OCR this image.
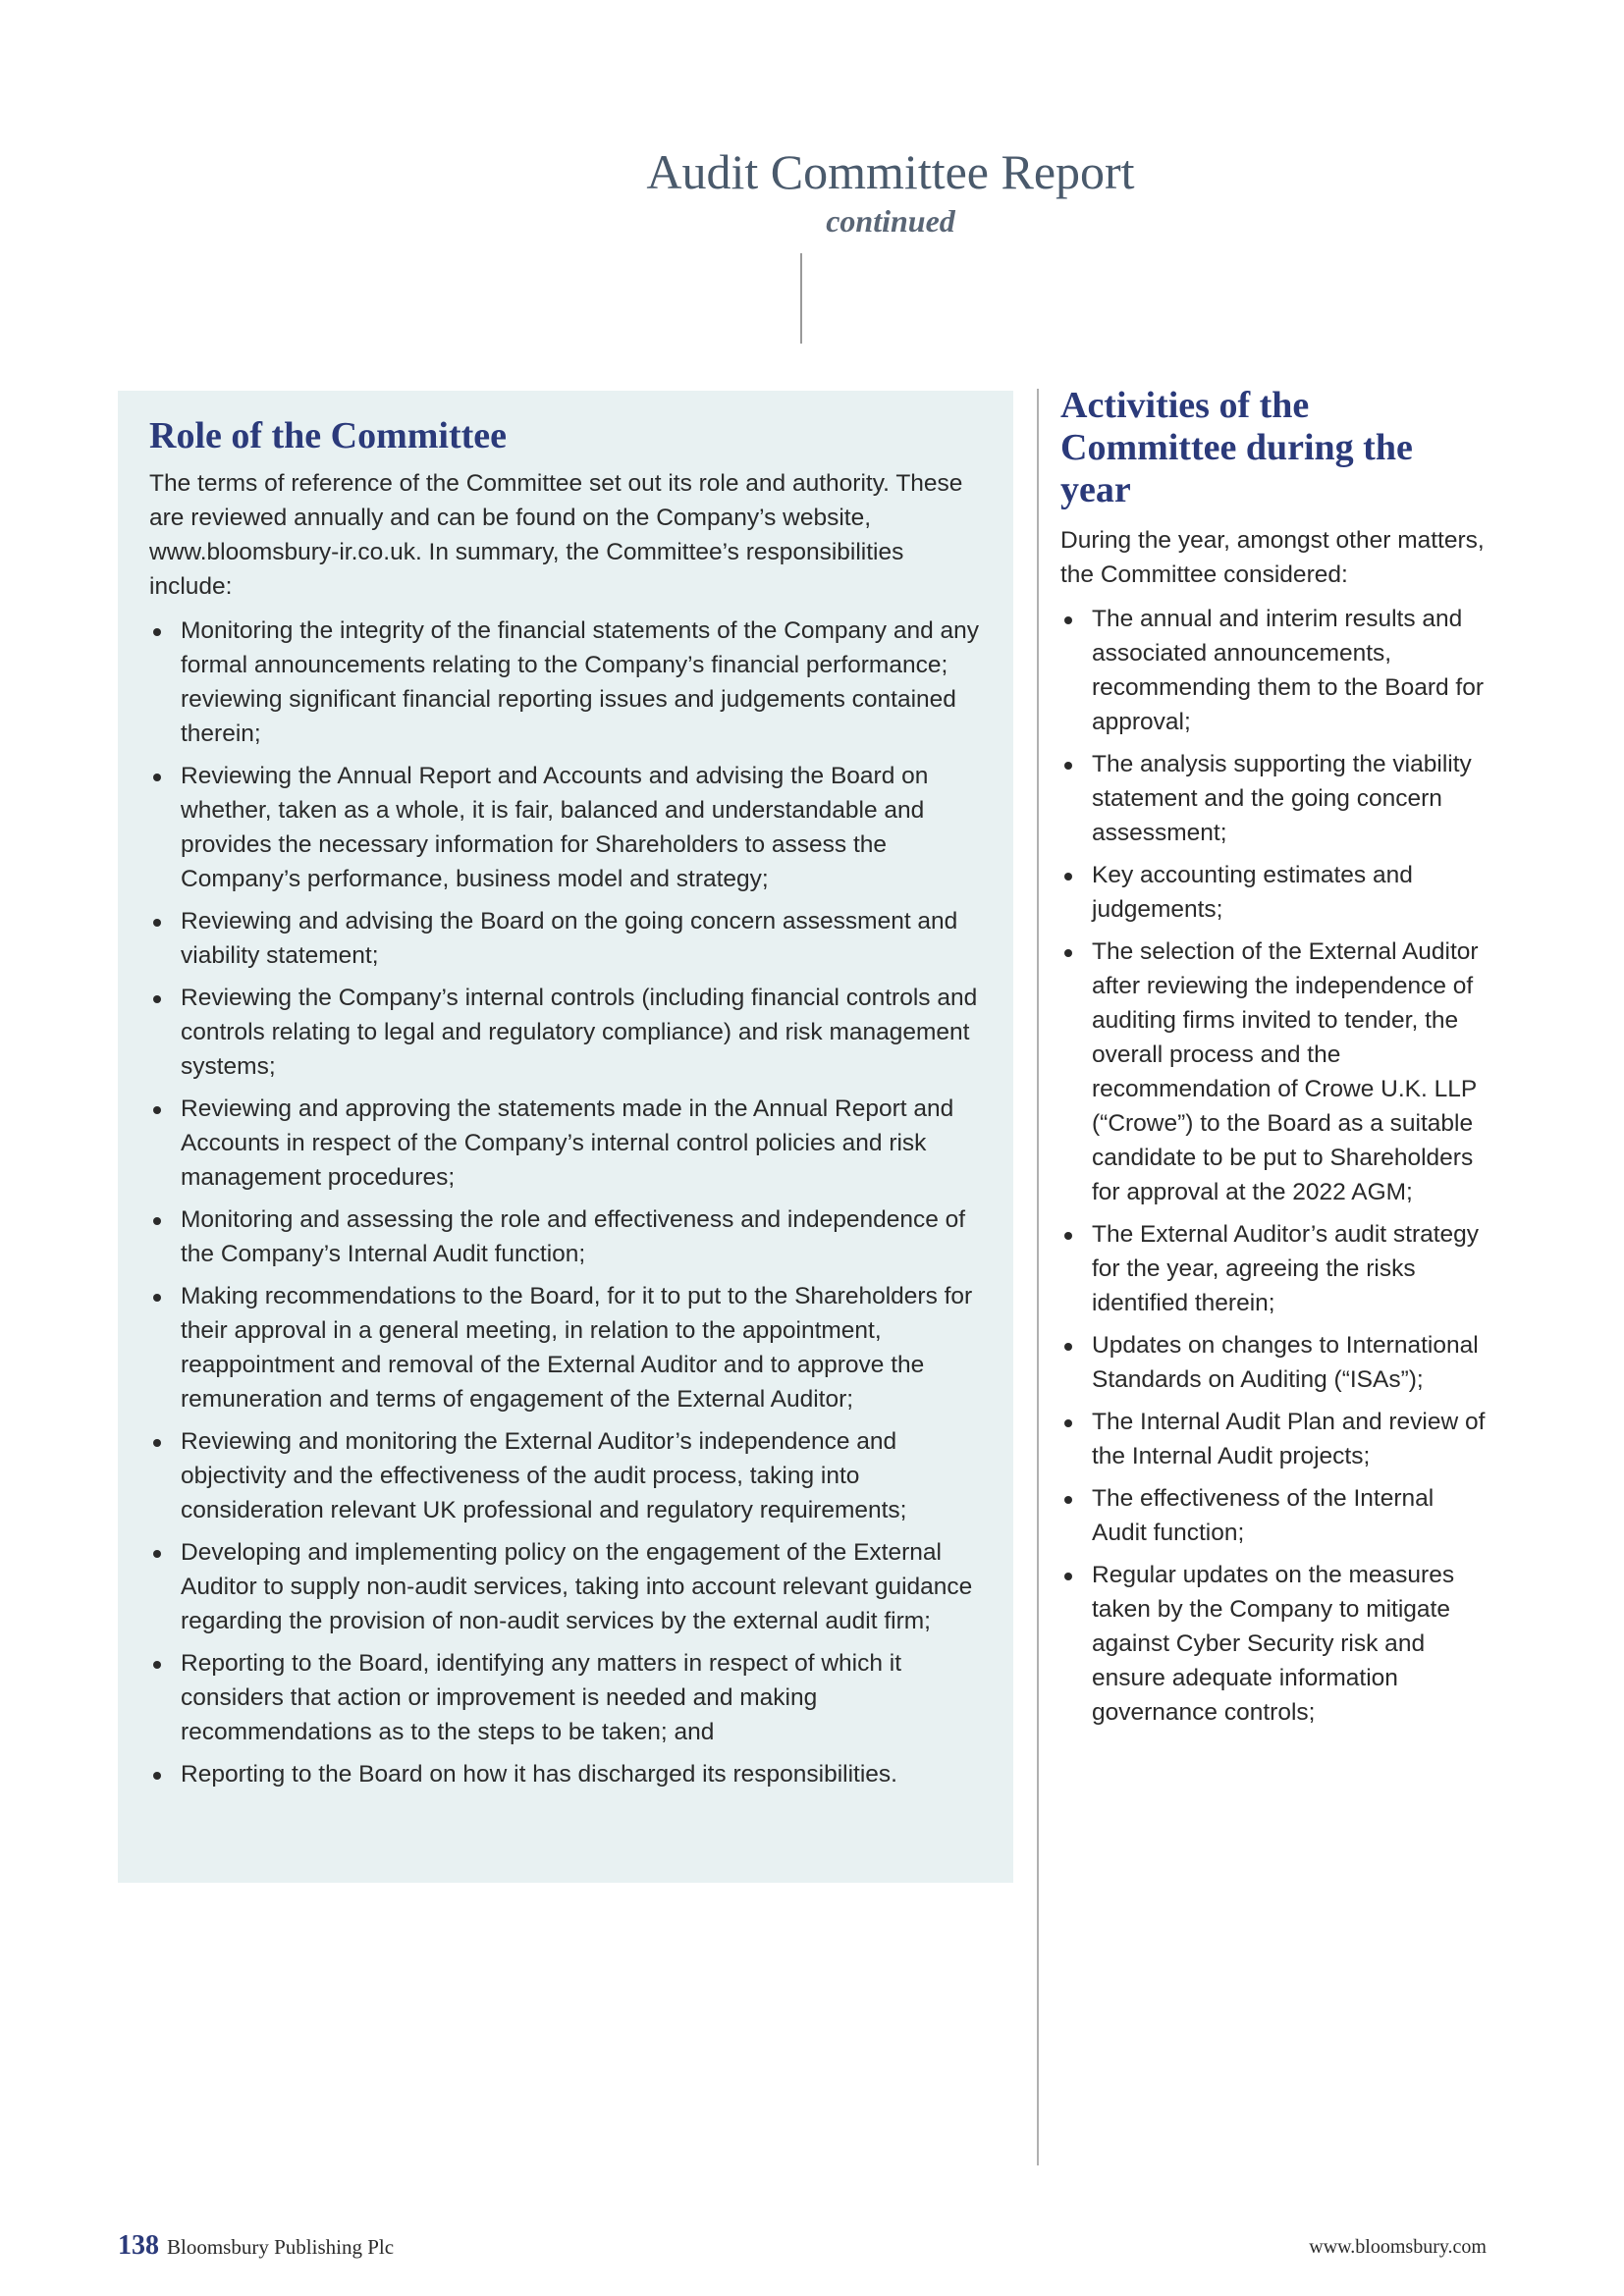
Audit Committee Report
continued
Role of the Committee

The terms of reference of the Committee set out its role and authority. These are reviewed annually and can be found on the Company’s website, www.bloomsbury-ir.co.uk. In summary, the Committee’s responsibilities include:

Monitoring the integrity of the financial statements of the Company and any formal announcements relating to the Company’s financial performance; reviewing significant financial reporting issues and judgements contained therein;
Reviewing the Annual Report and Accounts and advising the Board on whether, taken as a whole, it is fair, balanced and understandable and provides the necessary information for Shareholders to assess the Company’s performance, business model and strategy;
Reviewing and advising the Board on the going concern assessment and viability statement;
Reviewing the Company’s internal controls (including financial controls and controls relating to legal and regulatory compliance) and risk management systems;
Reviewing and approving the statements made in the Annual Report and Accounts in respect of the Company’s internal control policies and risk management procedures;
Monitoring and assessing the role and effectiveness and independence of the Company’s Internal Audit function;
Making recommendations to the Board, for it to put to the Shareholders for their approval in a general meeting, in relation to the appointment, reappointment and removal of the External Auditor and to approve the remuneration and terms of engagement of the External Auditor;
Reviewing and monitoring the External Auditor’s independence and objectivity and the effectiveness of the audit process, taking into consideration relevant UK professional and regulatory requirements;
Developing and implementing policy on the engagement of the External Auditor to supply non-audit services, taking into account relevant guidance regarding the provision of non-audit services by the external audit firm;
Reporting to the Board, identifying any matters in respect of which it considers that action or improvement is needed and making recommendations as to the steps to be taken; and
Reporting to the Board on how it has discharged its responsibilities.
Activities of the Committee during the year

During the year, amongst other matters, the Committee considered:

The annual and interim results and associated announcements, recommending them to the Board for approval;
The analysis supporting the viability statement and the going concern assessment;
Key accounting estimates and judgements;
The selection of the External Auditor after reviewing the independence of auditing firms invited to tender, the overall process and the recommendation of Crowe U.K. LLP (“Crowe”) to the Board as a suitable candidate to be put to Shareholders for approval at the 2022 AGM;
The External Auditor’s audit strategy for the year, agreeing the risks identified therein;
Updates on changes to International Standards on Auditing (“ISAs”);
The Internal Audit Plan and review of the Internal Audit projects;
The effectiveness of the Internal Audit function;
Regular updates on the measures taken by the Company to mitigate against Cyber Security risk and ensure adequate information governance controls;
138 Bloomsbury Publishing Plc	www.bloomsbury.com
